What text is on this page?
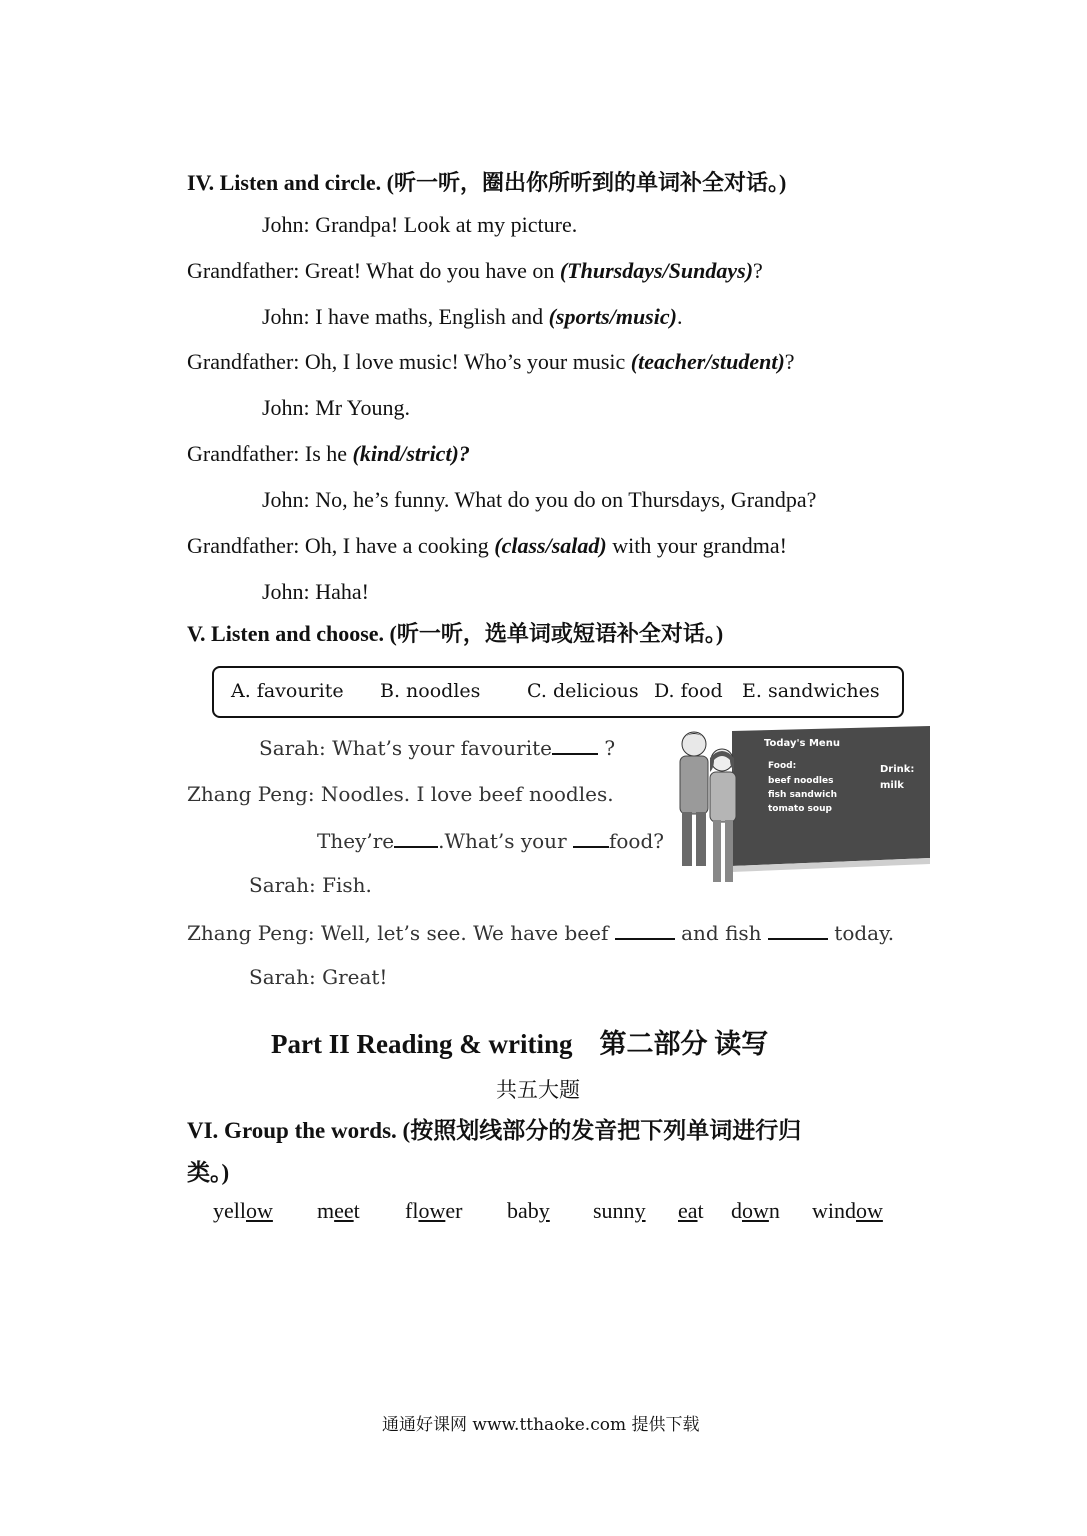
IV. Listen and circle. (听一听，圈出你所听到的单词补全对话。)
John: Grandpa! Look at my picture.
Grandfather: Great! What do you have on (Thursdays/Sundays)?
John: I have maths, English and (sports/music).
Grandfather: Oh, I love music! Who’s your music (teacher/student)?
John: Mr Young.
Grandfather: Is he (kind/strict)?
John: No, he’s funny. What do you do on Thursdays, Grandpa?
Grandfather: Oh, I have a cooking (class/salad) with your grandma!
John: Haha!
V. Listen and choose. (听一听，选单词或短语补全对话。)
A. favourite B. noodles C. delicious D. food E. sandwiches
Sarah: What’s your favourite	?
Zhang Peng: Noodles. I love beef noodles.
They’re .What’s your food?
Sarah: Fish.
Zhang Peng: Well, let’s see. We have beef	and fish	today.
Sarah: Great!
Today's Menu
Food:
beef noodles
fish sandwich
tomato soup
Drink:
milk
Part II Reading & writing　第二部分 读写
共五大题
VI. Group the words. (按照划线部分的发音把下列单词进行归
类。)
yellow meet flower baby sunny eat down window
通通好课网 www.tthaoke.com 提供下载
